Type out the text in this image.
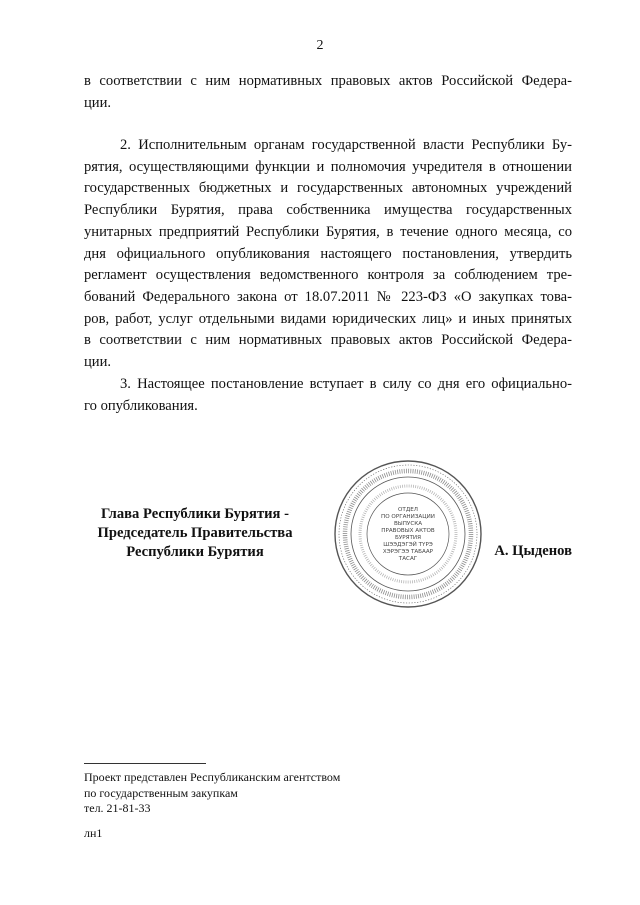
2
в соответствии с ним нормативных правовых актов Российской Федера-
ции.
2. Исполнительным органам государственной власти Республики Бу-
рятия, осуществляющими функции и полномочия учредителя в отношении
государственных бюджетных и государственных автономных учреждений
Республики Бурятия, права собственника имущества государственных
унитарных предприятий Республики Бурятия, в течение одного месяца, со
дня официального опубликования настоящего постановления, утвердить
регламент осуществления ведомственного контроля за соблюдением тре-
бований Федерального закона от 18.07.2011 № 223-ФЗ «О закупках това-
ров, работ, услуг отдельными видами юридических лиц» и иных принятых
в соответствии с ним нормативных правовых актов Российской Федера-
ции.
3. Настоящее постановление вступает в силу со дня его официально-
го опубликования.
Глава Республики Бурятия -
Председатель Правительства
Республики Бурятия
ОТДЕЛ
ПО ОРГАНИЗАЦИИ
ВЫПУСКА
ПРАВОВЫХ АКТОВ
БУРЯТИЯ
ШЭЭДЭГЭЙ ТҮРЭ
ХЭРЭГЭЭ ТАБААР
ТАСАГ	А. Цыденов
Проект представлен Республиканским агентством
по государственным закупкам
тел. 21-81-33
лн1
